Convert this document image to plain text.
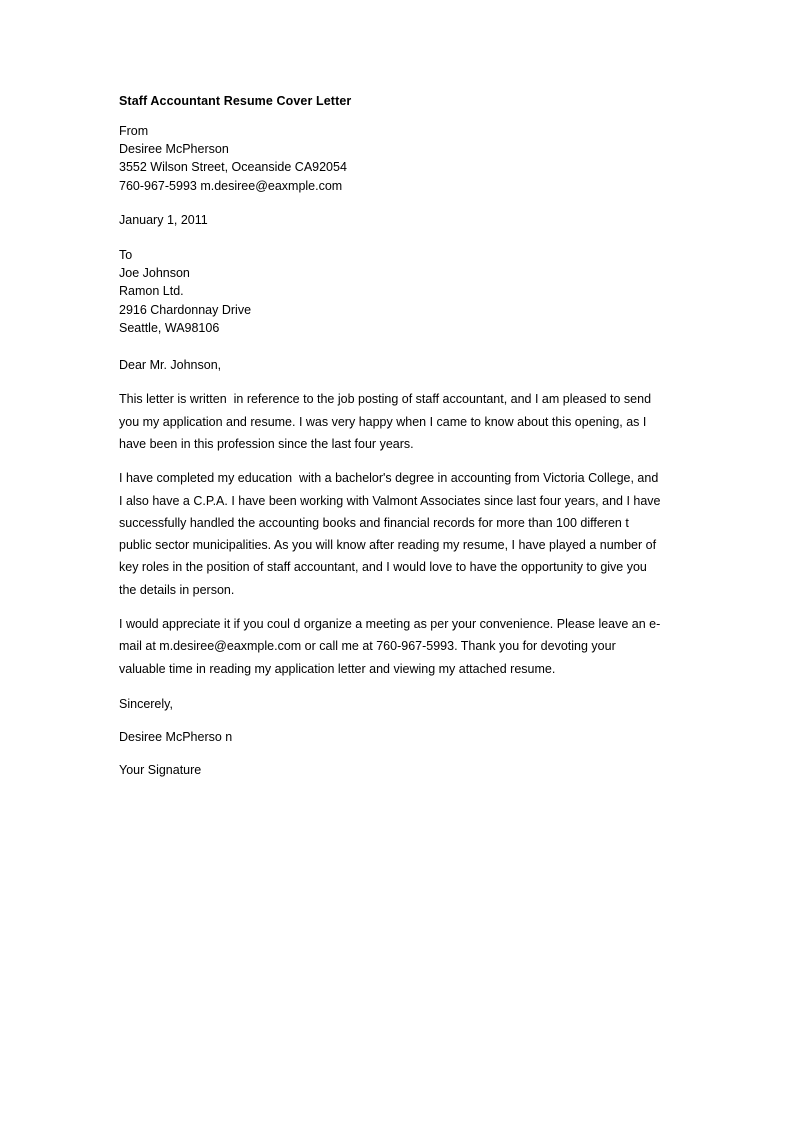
Staff Accountant Resume Cover Letter
From
Desiree McPherson
3552 Wilson Street, Oceanside CA92054
760-967-5993 m.desiree@eaxmple.com
January 1, 2011
To
Joe Johnson
Ramon Ltd.
2916 Chardonnay Drive
Seattle, WA98106
Dear Mr. Johnson,

This letter is written  in reference to the job posting of staff accountant, and I am pleased to send you my application and resume. I was very happy when I came to know about this opening, as I have been in this profession since the last four years.

I have completed my education  with a bachelor's degree in accounting from Victoria College, and I also have a C.P.A. I have been working with Valmont Associates since last four years, and I have successfully handled the accounting books and financial records for more than 100 differen t public sector municipalities. As you will know after reading my resume, I have played a number of key roles in the position of staff accountant, and I would love to have the opportunity to give you the details in person.

I would appreciate it if you coul d organize a meeting as per your convenience. Please leave an e-mail at m.desiree@eaxmple.com or call me at 760-967-5993. Thank you for devoting your valuable time in reading my application letter and viewing my attached resume.

Sincerely,
Desiree McPherso n
Your Signature
